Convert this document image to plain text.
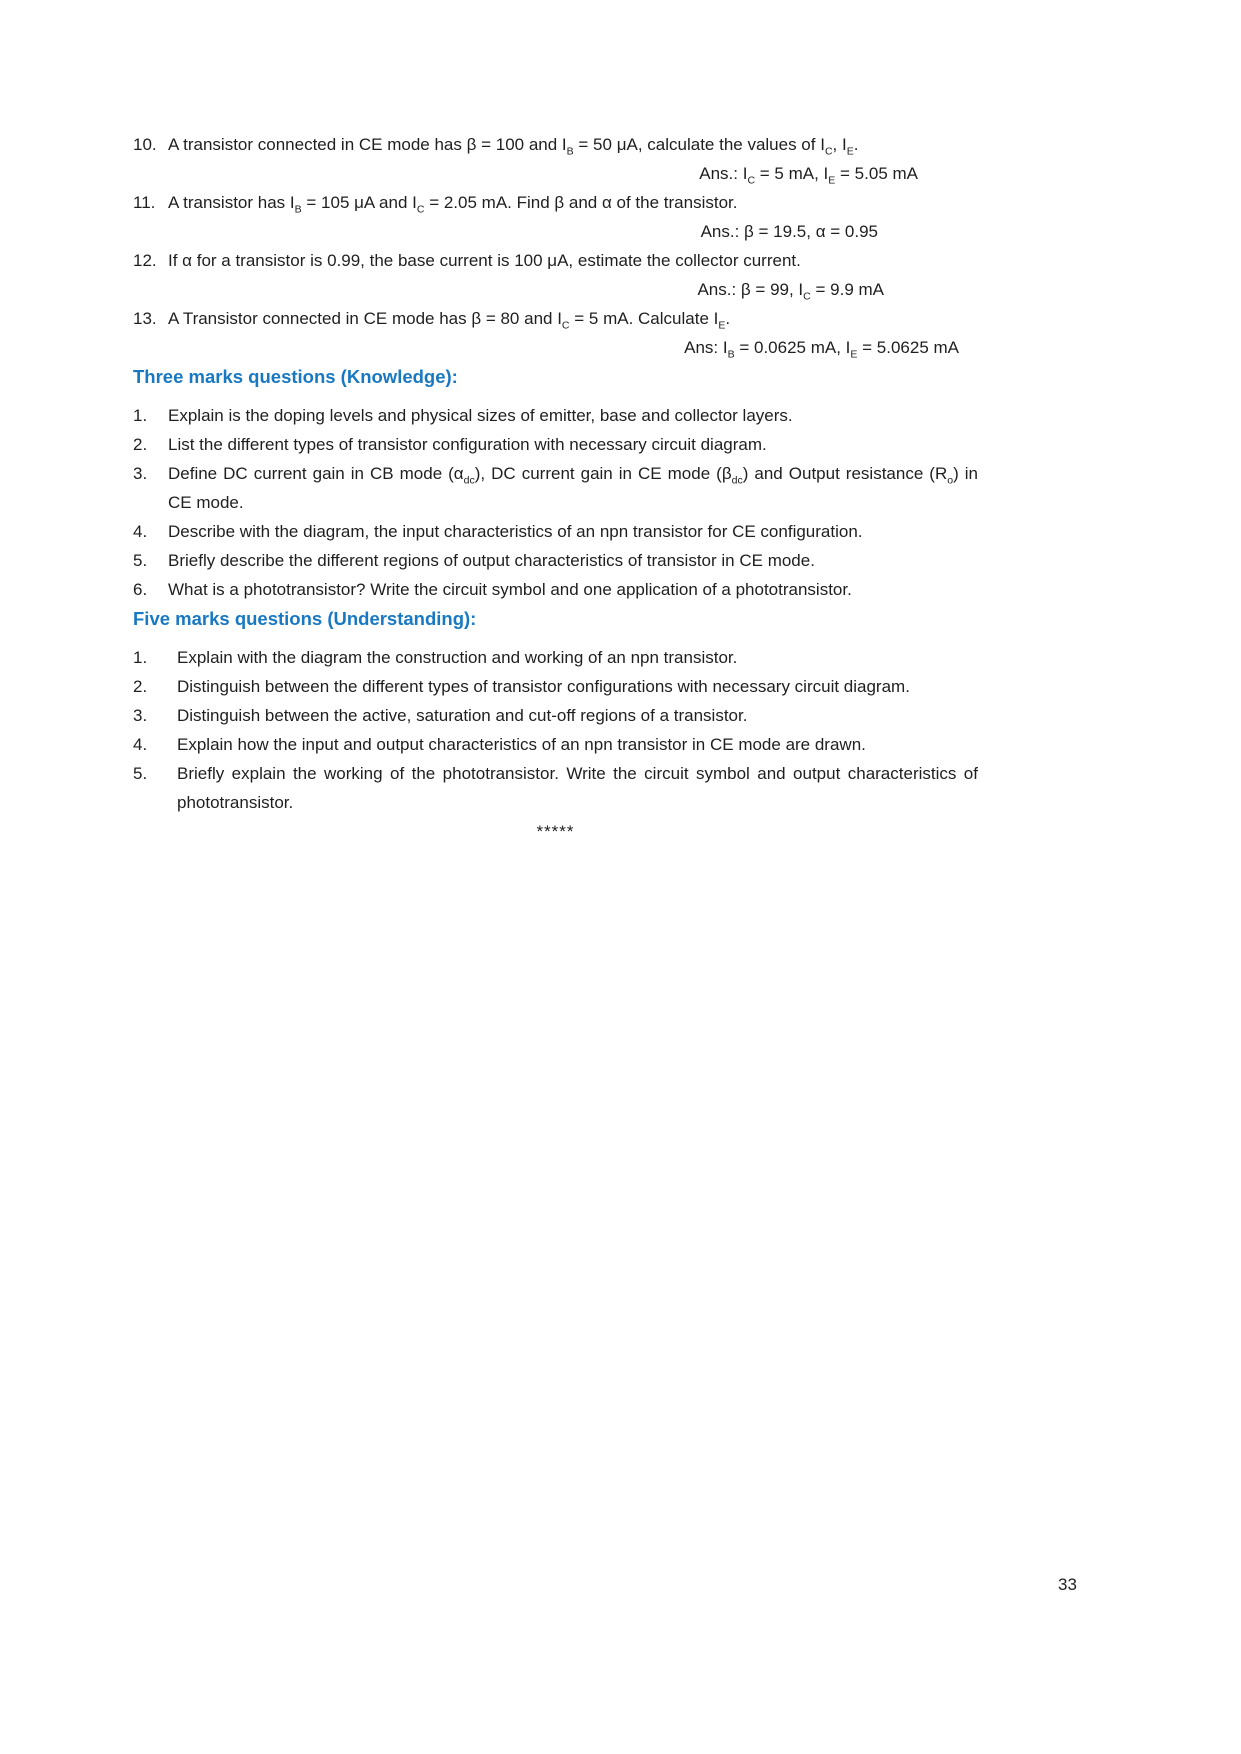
10. A transistor connected in CE mode has β = 100 and $I_B = 50$ μA, calculate the values of $I_C$, $I_E$.
Ans.: $I_C = 5$ mA, $I_E = 5.05$ mA
11. A transistor has $I_B = 105$ μA and $I_C = 2.05$ mA. Find β and α of the transistor.
Ans.: β = 19.5, α = 0.95
12. If α for a transistor is 0.99, the base current is 100 μA, estimate the collector current.
Ans.: β = 99, $I_C = 9.9$ mA
13. A Transistor connected in CE mode has β = 80 and $I_C = 5$ mA. Calculate $I_E$.
Ans: $I_B = 0.0625$ mA, $I_E = 5.0625$ mA
Three marks questions (Knowledge):
1.	Explain is the doping levels and physical sizes of emitter, base and collector layers.
2.	List the different types of transistor configuration with necessary circuit diagram.
3.	Define DC current gain in CB mode $(\alpha_{dc})$, DC current gain in CE mode $(\beta_{dc})$ and Output resistance $(R_o)$ in CE mode.
4.	Describe with the diagram, the input characteristics of an npn transistor for CE configuration.
5.	Briefly describe the different regions of output characteristics of transistor in CE mode.
6.	What is a phototransistor? Write the circuit symbol and one application of a phototransistor.
Five marks questions (Understanding):
1.	Explain with the diagram the construction and working of an npn transistor.
2.	Distinguish between the different types of transistor configurations with necessary circuit diagram.
3.	Distinguish between the active, saturation and cut-off regions of a transistor.
4.	Explain how the input and output characteristics of an npn transistor in CE mode are drawn.
5.	Briefly explain the working of the phototransistor. Write the circuit symbol and output characteristics of phototransistor.
*****
33
